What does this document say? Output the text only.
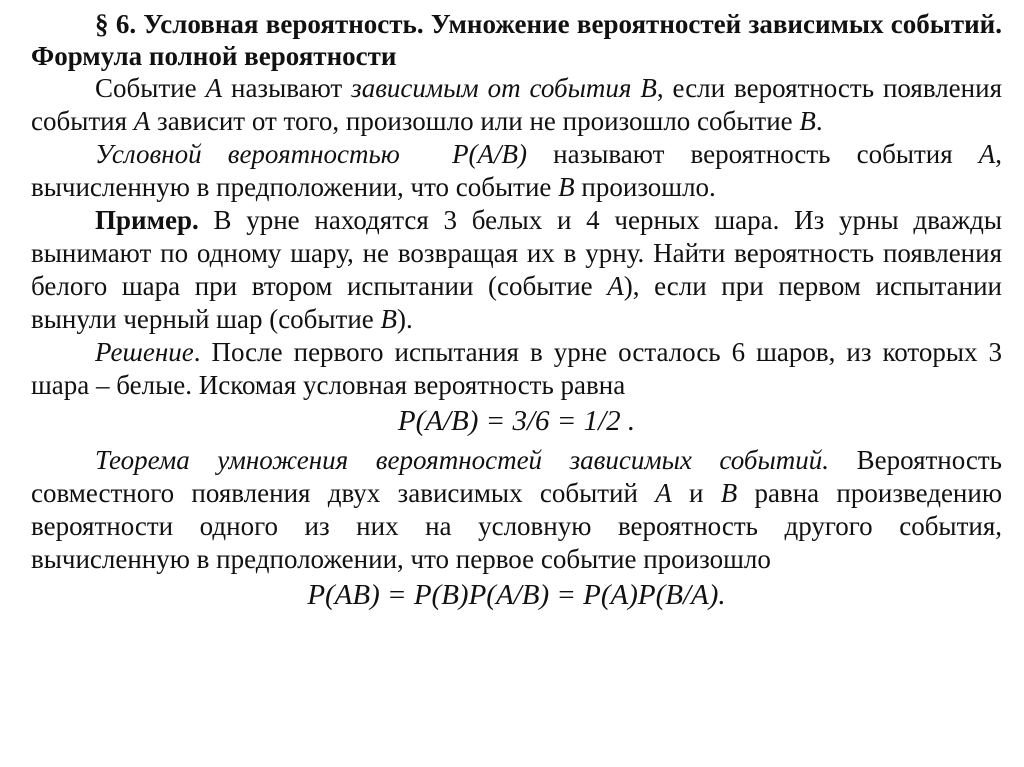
§ 6. Условная вероятность. Умножение вероятностей зависимых событий. Формула полной вероятности

Событие A называют зависимым от события B, если вероятность появления события A зависит от того, произошло или не произошло событие B.

Условной вероятностью P(A/B) называют вероятность события A, вычисленную в предположении, что событие B произошло.

Пример. В урне находятся 3 белых и 4 черных шара. Из урны дважды вынимают по одному шару, не возвращая их в урну. Найти вероятность появления белого шара при втором испытании (событие A), если при первом испытании вынули черный шар (событие B).

Решение. После первого испытания в урне осталось 6 шаров, из которых 3 шара – белые. Искомая условная вероятность равна

P(A/B) = 3/6 = 1/2 .

Теорема умножения вероятностей зависимых событий. Вероятность совместного появления двух зависимых событий A и B равна произведению вероятности одного из них на условную вероятность другого события, вычисленную в предположении, что первое событие произошло

P(AB) = P(B)P(A/B) = P(A)P(B/A).
